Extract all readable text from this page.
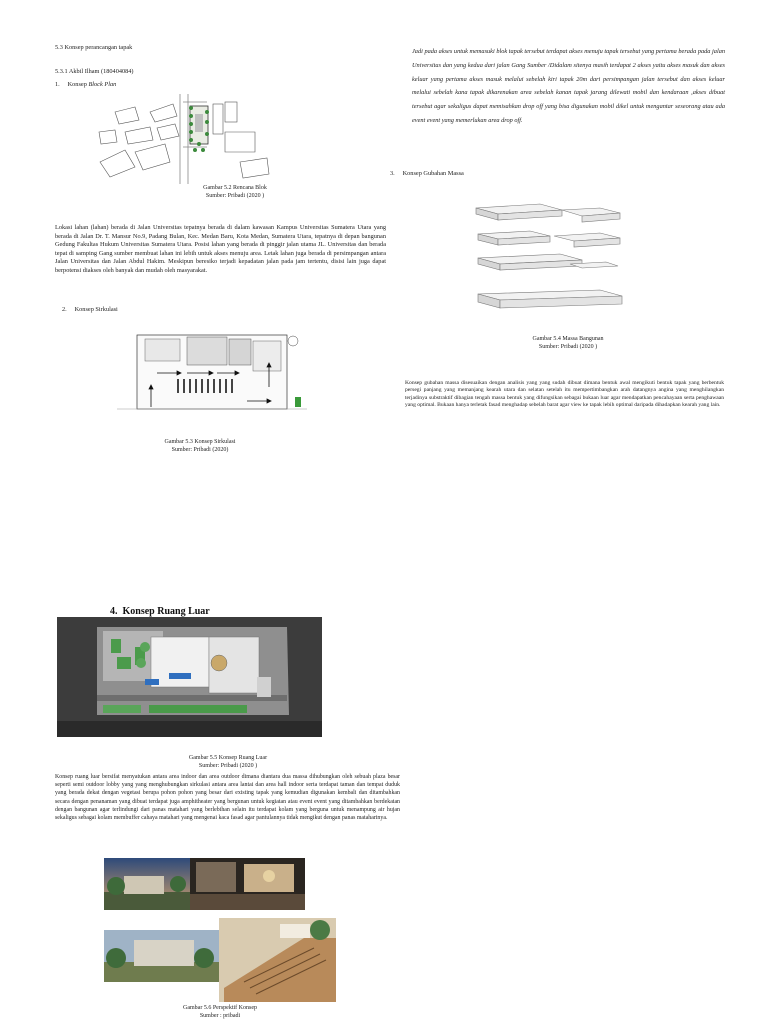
5.3 Konsep perancangan tapak
5.3.1 Akbil Ilham (180404084)
1. Konsep Block Plan
Gambar 5.2 Rencana Blok
Sumber: Pribadi (2020 )
Lokasi lahan (lahan) berada di Jalan Universitas tepatnya berada di dalam kawasan Kampus Universitas Sumatera Utara yang berada di Jalan Dr. T. Mansur No.9, Padang Bulan, Kec. Medan Baru, Kota Medan, Sumatera Utara, tepatnya di depan bangunan Gedung Fakultas Hukum Universitas Sumatera Utara. Posisi lahan yang berada di pinggir jalan utama JL. Universitas dan berada tepat di samping Gang sumber membuat lahan ini lebih untuk akses menuju area. Letak lahan juga berada di persimpangan antara Jalan Universitas dan Jalan Abdul Hakim. Meskipun beresiko terjadi kepadatan jalan pada jam tertentu, disisi lain juga dapat berpotensi diakses oleh banyak dan mudah oleh masyarakat.
2. Konsep Sirkulasi
Gambar 5.3 Konsep Sirkulasi
Sumber: Pribadi (2020)
Jadi pada akses untuk memasuki blok tapak tersebut terdapat akses menuju tapak tersebut yang pertama berada pada jalan Universitas dan yang kedua dari jalan Gang Sumber /Didalam sitenya masih terdapat 2 akses yaitu akses masuk dan akses keluar yang pertama akses masuk melalui sebelah kiri tapak 20m dari persimpangan jalan tersebut dan akses keluar melalui sebelah kana tapak dikarenakan area sebelah kanan tapak jarang dilewati mobil dan kendaraan ,akses dibuat tersebut agar sekaligus dapat memisahkan drop off yang bisa digunakan mobil dikel untuk mengantar seseorang atau ada event event yang memerlukan area drop off.
3. Konsep Gubahan Massa
Gambar 5.4 Massa Bangunan
Sumber: Pribadi (2020 )
Konsep gubahan massa disesuaikan dengan analisis yang yang sudah dibuat dimana bentuk awal mengikuti bentuk tapak yang berbentuk persegi panjang yang memanjang kearah utara dan selatan setelah itu mempertimbangkan arah datangnya angina yang menghilangkan terjadinya substraktif dibagian tengah massa bentuk yang difungsikan sebagai bukaan luar agar mendapatkan pencahayaan serta penghawaan yang optimal. Bukaan hanya terletak fasad menghadap sebelah barat agar view ke tapak lebih optimal daripada dihadapkan kearah yang lain.
4. Konsep Ruang Luar
Gambar 5.5 Konsep Ruang Luar
Sumber: Pribadi (2020 )
Konsep ruang luar bersifat menyatukan antara area indoor dan area outdoor dimana diantara dua massa dihubungkan oleh sebuah plaza besar seperti semi outdoor lobby yang yang menghubungkan sirkulasi antara area lantai dan area hall indoor serta terdapat taman dan tempat duduk yang berada dekat dengan vegetasi berupa pohon pohon yang besar dari existing tapak yang kemudian digunakan kembali dan ditambahkan secara dengan penanaman yang dibuat terdapat juga amphitheater yang bergunan untuk kegiatan atau event event yang ditambahkan berdekatan dengan bangunan agar terlindungi dari panas matahari yang berlebihan selain itu terdapat kolam yang berguna untuk menampung air hujan sekaligus sebagai kolam membuffer cahaya matahari yang mengenai kaca fasad agar pantulannya tidak mengikut dengan panas mataharinya.
Gambar 5.6 Perspektif Konsep
Sumber : pribadi
